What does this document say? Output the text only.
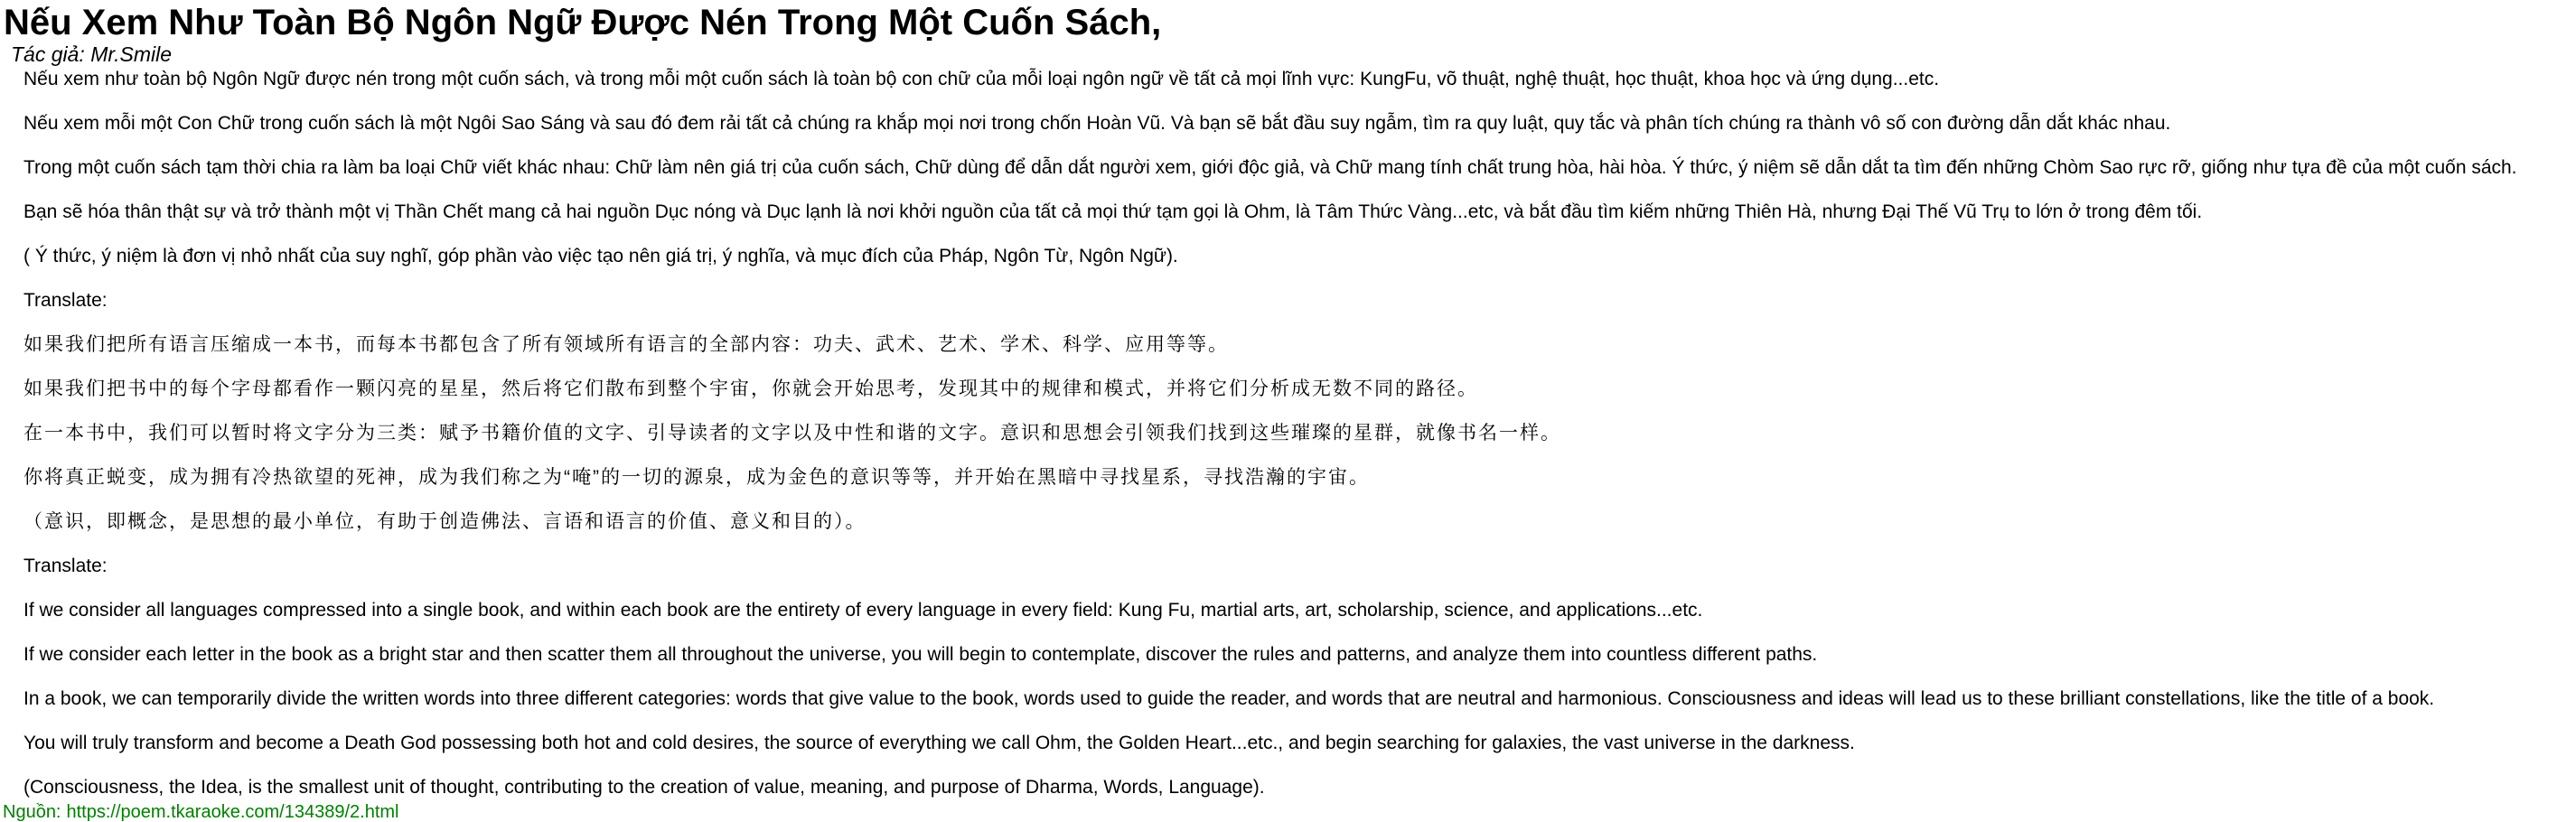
Nếu Xem Như Toàn Bộ Ngôn Ngữ Được Nén Trong Một Cuốn Sách,
Tác giả: Mr.Smile

Nếu xem như toàn bộ Ngôn Ngữ được nén trong một cuốn sách, và trong mỗi một cuốn sách là toàn bộ con chữ của mỗi loại ngôn ngữ về tất cả mọi lĩnh vực: KungFu, võ thuật, nghệ thuật, học thuật, khoa học và ứng dụng...etc.

Nếu xem mỗi một Con Chữ trong cuốn sách là một Ngôi Sao Sáng và sau đó đem rải tất cả chúng ra khắp mọi nơi trong chốn Hoàn Vũ. Và bạn sẽ bắt đầu suy ngẫm, tìm ra quy luật, quy tắc và phân tích chúng ra thành vô số con đường dẫn dắt khác nhau.

Trong một cuốn sách tạm thời chia ra làm ba loại Chữ viết khác nhau: Chữ làm nên giá trị của cuốn sách, Chữ dùng để dẫn dắt người xem, giới độc giả, và Chữ mang tính chất trung hòa, hài hòa. Ý thức, ý niệm sẽ dẫn dắt ta tìm đến những Chòm Sao rực rỡ, giống như tựa đề của một cuốn sách.

Bạn sẽ hóa thân thật sự và trở thành một vị Thần Chết mang cả hai nguồn Dục nóng và Dục lạnh là nơi khởi nguồn của tất cả mọi thứ tạm gọi là Ohm, là Tâm Thức Vàng...etc, và bắt đầu tìm kiếm những Thiên Hà, nhưng Đại Thế Vũ Trụ to lớn ở trong đêm tối.

( Ý thức, ý niệm là đơn vị nhỏ nhất của suy nghĩ, góp phần vào việc tạo nên giá trị, ý nghĩa, và mục đích của Pháp, Ngôn Từ, Ngôn Ngữ).

Translate:

如果我们把所有语言压缩成一本书，而每本书都包含了所有领域所有语言的全部内容：功夫、武术、艺术、学术、科学、应用等等。

如果我们把书中的每个字母都看作一颗闪亮的星星，然后将它们散布到整个宇宙，你就会开始思考，发现其中的规律和模式，并将它们分析成无数不同的路径。

在一本书中，我们可以暂时将文字分为三类：赋予书籍价值的文字、引导读者的文字以及中性和谐的文字。意识和思想会引领我们找到这些璀璨的星群，就像书名一样。

你将真正蜕变，成为拥有冷热欲望的死神，成为我们称之为“唵”的一切的源泉，成为金色的意识等等，并开始在黑暗中寻找星系，寻找浩瀚的宇宙。

（意识，即概念，是思想的最小单位，有助于创造佛法、言语和语言的价值、意义和目的）。

Translate:

If we consider all languages compressed into a single book, and within each book are the entirety of every language in every field: Kung Fu, martial arts, art, scholarship, science, and applications...etc.

If we consider each letter in the book as a bright star and then scatter them all throughout the universe, you will begin to contemplate, discover the rules and patterns, and analyze them into countless different paths.

In a book, we can temporarily divide the written words into three different categories: words that give value to the book, words used to guide the reader, and words that are neutral and harmonious. Consciousness and ideas will lead us to these brilliant constellations, like the title of a book.

You will truly transform and become a Death God possessing both hot and cold desires, the source of everything we call Ohm, the Golden Heart...etc., and begin searching for galaxies, the vast universe in the darkness.

(Consciousness, the Idea, is the smallest unit of thought, contributing to the creation of value, meaning, and purpose of Dharma, Words, Language).

Nguồn: https://poem.tkaraoke.com/134389/2.html
